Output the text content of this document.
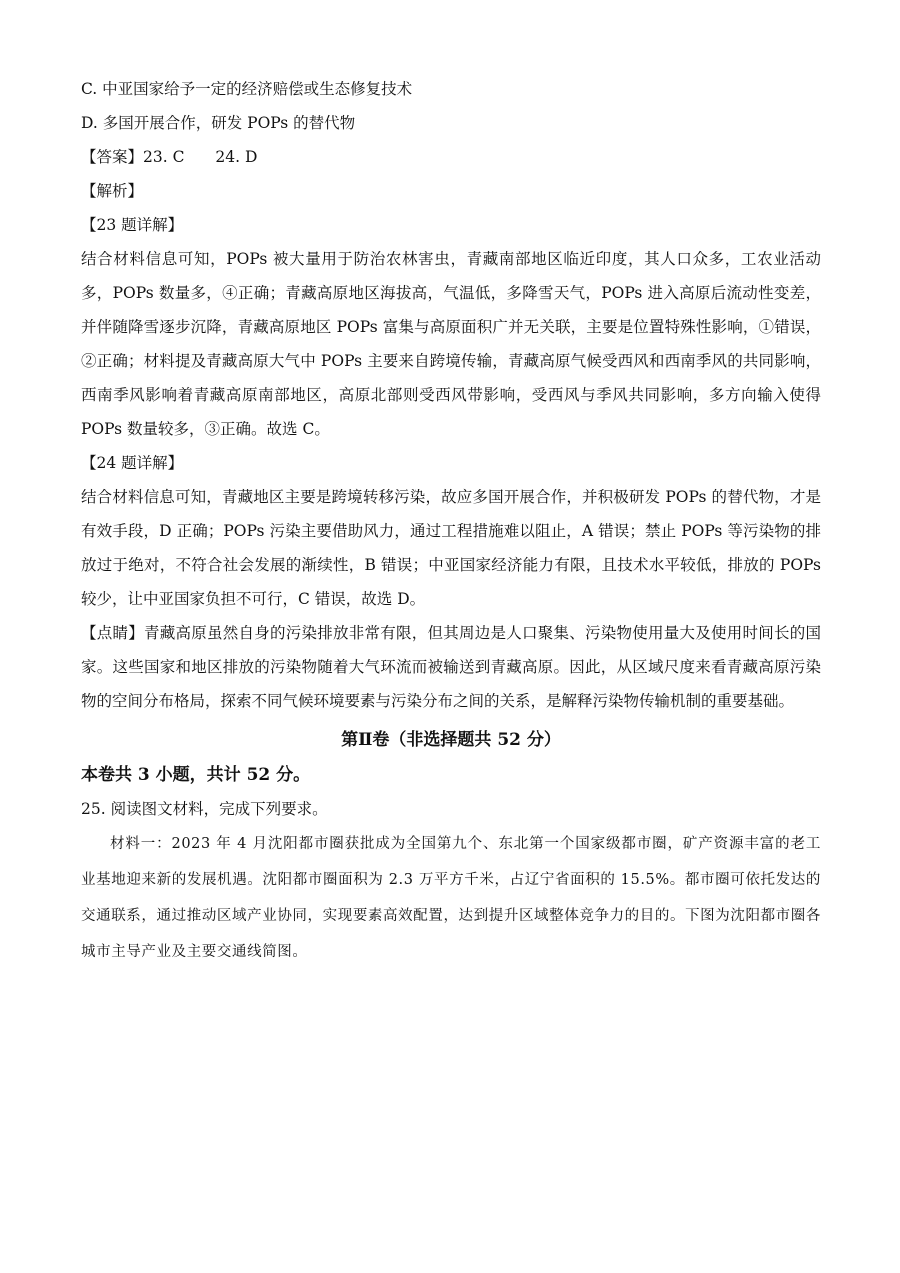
C. 中亚国家给予一定的经济赔偿或生态修复技术
D. 多国开展合作，研发 POPs 的替代物
【答案】23. C　　24. D
【解析】
【23 题详解】

结合材料信息可知，POPs 被大量用于防治农林害虫，青藏南部地区临近印度，其人口众多，工农业活动多，POPs 数量多，④正确；青藏高原地区海拔高，气温低，多降雪天气，POPs 进入高原后流动性变差，并伴随降雪逐步沉降，青藏高原地区 POPs 富集与高原面积广并无关联，主要是位置特殊性影响，①错误，②正确；材料提及青藏高原大气中 POPs 主要来自跨境传输，青藏高原气候受西风和西南季风的共同影响，西南季风影响着青藏高原南部地区，高原北部则受西风带影响，受西风与季风共同影响，多方向输入使得 POPs 数量较多，③正确。故选 C。

【24 题详解】

结合材料信息可知，青藏地区主要是跨境转移污染，故应多国开展合作，并积极研发 POPs 的替代物，才是有效手段，D 正确；POPs 污染主要借助风力，通过工程措施难以阻止，A 错误；禁止 POPs 等污染物的排放过于绝对，不符合社会发展的渐续性，B 错误；中亚国家经济能力有限，且技术水平较低，排放的 POPs 较少，让中亚国家负担不可行，C 错误，故选 D。

【点睛】青藏高原虽然自身的污染排放非常有限，但其周边是人口聚集、污染物使用量大及使用时间长的国家。这些国家和地区排放的污染物随着大气环流而被输送到青藏高原。因此，从区域尺度来看青藏高原污染物的空间分布格局，探索不同气候环境要素与污染分布之间的关系，是解释污染物传输机制的重要基础。

第Ⅱ卷（非选择题共 52 分）
本卷共 3 小题，共计 52 分。
25. 阅读图文材料，完成下列要求。

材料一：2023 年 4 月沈阳都市圈获批成为全国第九个、东北第一个国家级都市圈，矿产资源丰富的老工业基地迎来新的发展机遇。沈阳都市圈面积为 2.3 万平方千米，占辽宁省面积的 15.5%。都市圈可依托发达的交通联系，通过推动区域产业协同，实现要素高效配置，达到提升区域整体竞争力的目的。下图为沈阳都市圈各城市主导产业及主要交通线简图。
